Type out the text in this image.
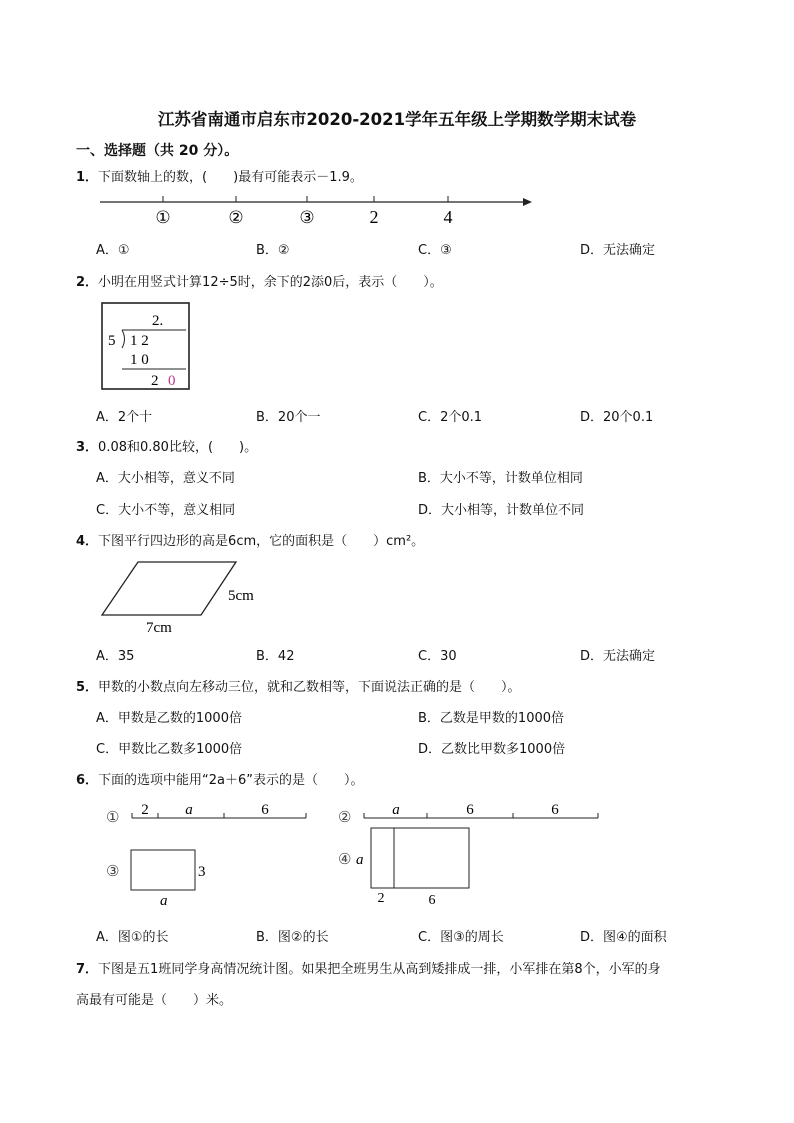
江苏省南通市启东市2020-2021学年五年级上学期数学期末试卷
一、选择题（共 20 分）。
1．下面数轴上的数，(　　)最有可能表示－1.9。
①	②	③	2	4
A．①	B．②	C．③	D．无法确定
2．小明在用竖式计算12÷5时，余下的2添0后，表示（　　）。
2.
5 1 2
1 0
2 0
A．2个十	B．20个一	C．2个0.1	D．20个0.1
3．0.08和0.80比较，(　　)。
A．大小相等，意义不同	B．大小不等，计数单位相同
C．大小不等，意义相同	D．大小相等，计数单位不同
4．下图平行四边形的高是6cm，它的面积是（　　）cm²。
5cm
7cm
A．35	B．42	C．30	D．无法确定
5．甲数的小数点向左移动三位，就和乙数相等，下面说法正确的是（　　）。
A．甲数是乙数的1000倍	B．乙数是甲数的1000倍
C．甲数比乙数多1000倍	D．乙数比甲数多1000倍
6．下面的选项中能用“2a＋6”表示的是（　　）。
① 2 a	6	②	a	6	6
③	3
a
④ a
2	6
A．图①的长	B．图②的长	C．图③的周长	D．图④的面积
7．下图是五1班同学身高情况统计图。如果把全班男生从高到矮排成一排，小军排在第8个，小军的身
高最有可能是（　　）米。
